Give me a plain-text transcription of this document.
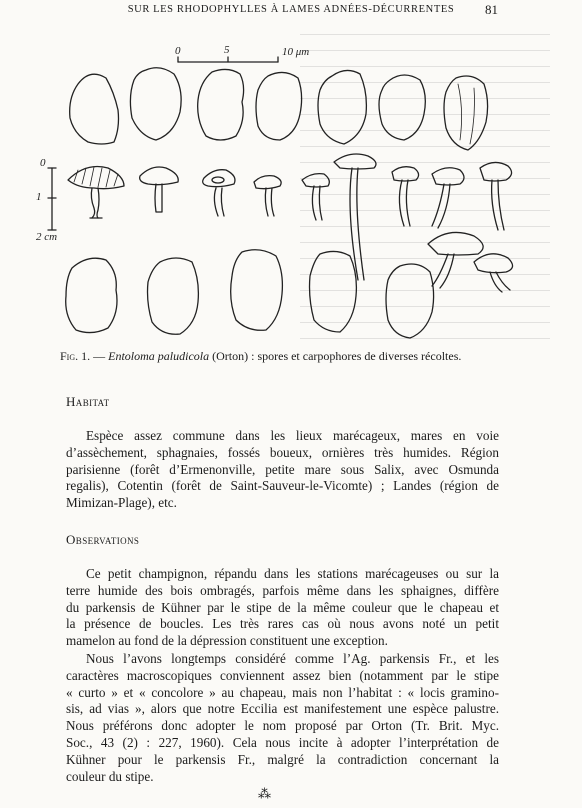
SUR LES RHODOPHYLLES À LAMES ADNÉES-DÉCURRENTES	81
0	5	10 μm
0
1
2 cm
Fig. 1. — Entoloma paludicola (Orton) : spores et carpophores de diverses récoltes.
Habitat
Espèce assez commune dans les lieux marécageux, mares en voie
d’assèchement, sphagnaies, fossés boueux, ornières très humides. Région
parisienne (forêt d’Ermenonville, petite mare sous Salix, avec Osmunda
regalis), Cotentin (forêt de Saint-Sauveur-le-Vicomte) ; Landes (région de
Mimizan-Plage), etc.
Observations
Ce petit champignon, répandu dans les stations marécageuses ou sur la
terre humide des bois ombragés, parfois même dans les sphaignes, diffère
du parkensis de Kühner par le stipe de la même couleur que le chapeau et
la présence de boucles. Les très rares cas où nous avons noté un petit
mamelon au fond de la dépression constituent une exception.
Nous l’avons longtemps considéré comme l’Ag. parkensis Fr., et les
caractères macroscopiques conviennent assez bien (notamment par le stipe
« curto » et « concolore » au chapeau, mais non l’habitat : « locis gramino-
sis, ad vias », alors que notre Eccilia est manifestement une espèce palustre.
Nous préférons donc adopter le nom proposé par Orton (Tr. Brit. Myc.
Soc., 43 (2) : 227, 1960). Cela nous incite à adopter l’interprétation de
Kühner pour le parkensis Fr., malgré la contradiction concernant la
couleur du stipe.
⁂
